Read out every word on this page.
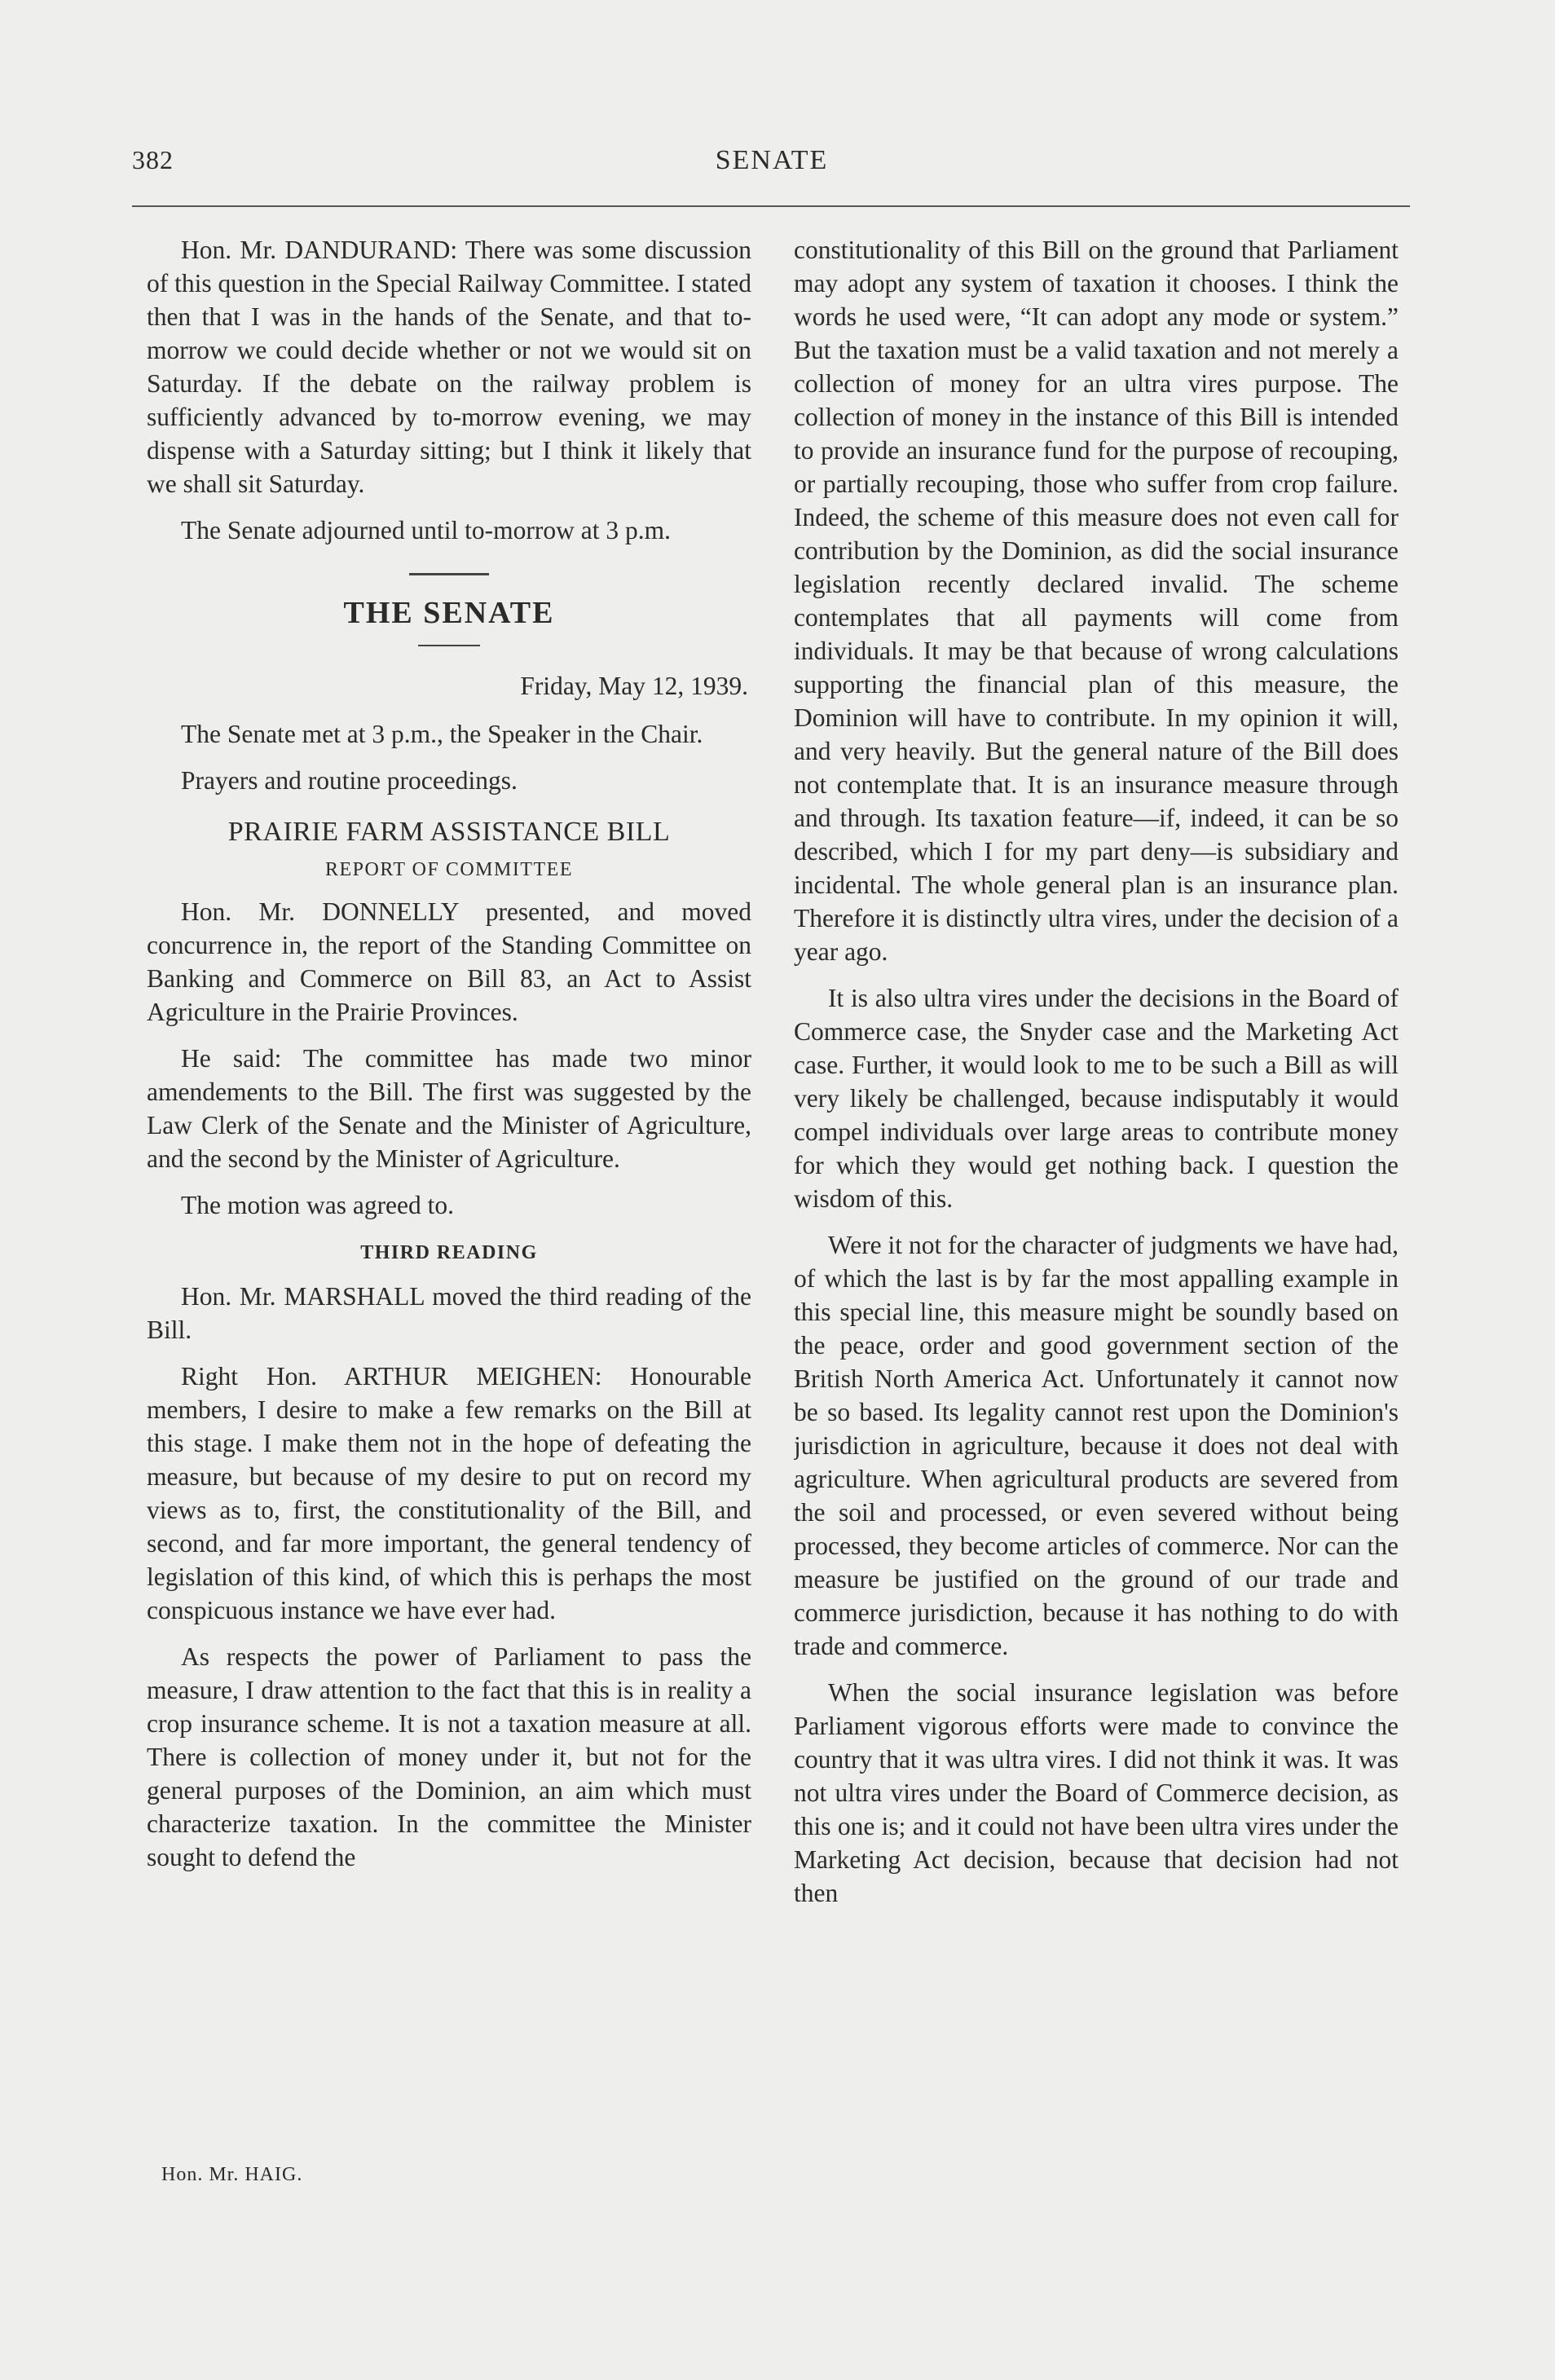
382	SENATE

Hon. Mr. DANDURAND: There was some discussion of this question in the Special Railway Committee. I stated then that I was in the hands of the Senate, and that to-morrow we could decide whether or not we would sit on Saturday. If the debate on the railway problem is sufficiently advanced by to-morrow evening, we may dispense with a Saturday sitting; but I think it likely that we shall sit Saturday.

The Senate adjourned until to-morrow at 3 p.m.

THE SENATE
Friday, May 12, 1939.

The Senate met at 3 p.m., the Speaker in the Chair.

Prayers and routine proceedings.

PRAIRIE FARM ASSISTANCE BILL
REPORT OF COMMITTEE

Hon. Mr. DONNELLY presented, and moved concurrence in, the report of the Standing Committee on Banking and Commerce on Bill 83, an Act to Assist Agriculture in the Prairie Provinces.

He said: The committee has made two minor amendements to the Bill. The first was suggested by the Law Clerk of the Senate and the Minister of Agriculture, and the second by the Minister of Agriculture.

The motion was agreed to.

THIRD READING

Hon. Mr. MARSHALL moved the third reading of the Bill.

Right Hon. ARTHUR MEIGHEN: Honourable members, I desire to make a few remarks on the Bill at this stage. I make them not in the hope of defeating the measure, but because of my desire to put on record my views as to, first, the constitutionality of the Bill, and second, and far more important, the general tendency of legislation of this kind, of which this is perhaps the most conspicuous instance we have ever had.

As respects the power of Parliament to pass the measure, I draw attention to the fact that this is in reality a crop insurance scheme. It is not a taxation measure at all. There is collection of money under it, but not for the general purposes of the Dominion, an aim which must characterize taxation. In the committee the Minister sought to defend the

constitutionality of this Bill on the ground that Parliament may adopt any system of taxation it chooses. I think the words he used were, “It can adopt any mode or system.” But the taxation must be a valid taxation and not merely a collection of money for an ultra vires purpose. The collection of money in the instance of this Bill is intended to provide an insurance fund for the purpose of recouping, or partially recouping, those who suffer from crop failure. Indeed, the scheme of this measure does not even call for contribution by the Dominion, as did the social insurance legislation recently declared invalid. The scheme contemplates that all payments will come from individuals. It may be that because of wrong calculations supporting the financial plan of this measure, the Dominion will have to contribute. In my opinion it will, and very heavily. But the general nature of the Bill does not contemplate that. It is an insurance measure through and through. Its taxation feature—if, indeed, it can be so described, which I for my part deny—is subsidiary and incidental. The whole general plan is an insurance plan. Therefore it is distinctly ultra vires, under the decision of a year ago.

It is also ultra vires under the decisions in the Board of Commerce case, the Snyder case and the Marketing Act case. Further, it would look to me to be such a Bill as will very likely be challenged, because indisputably it would compel individuals over large areas to contribute money for which they would get nothing back. I question the wisdom of this.

Were it not for the character of judgments we have had, of which the last is by far the most appalling example in this special line, this measure might be soundly based on the peace, order and good government section of the British North America Act. Unfortunately it cannot now be so based. Its legality cannot rest upon the Dominion's jurisdiction in agriculture, because it does not deal with agriculture. When agricultural products are severed from the soil and processed, or even severed without being processed, they become articles of commerce. Nor can the measure be justified on the ground of our trade and commerce jurisdiction, because it has nothing to do with trade and commerce.

When the social insurance legislation was before Parliament vigorous efforts were made to convince the country that it was ultra vires. I did not think it was. It was not ultra vires under the Board of Commerce decision, as this one is; and it could not have been ultra vires under the Marketing Act decision, because that decision had not then

Hon. Mr. HAIG.
